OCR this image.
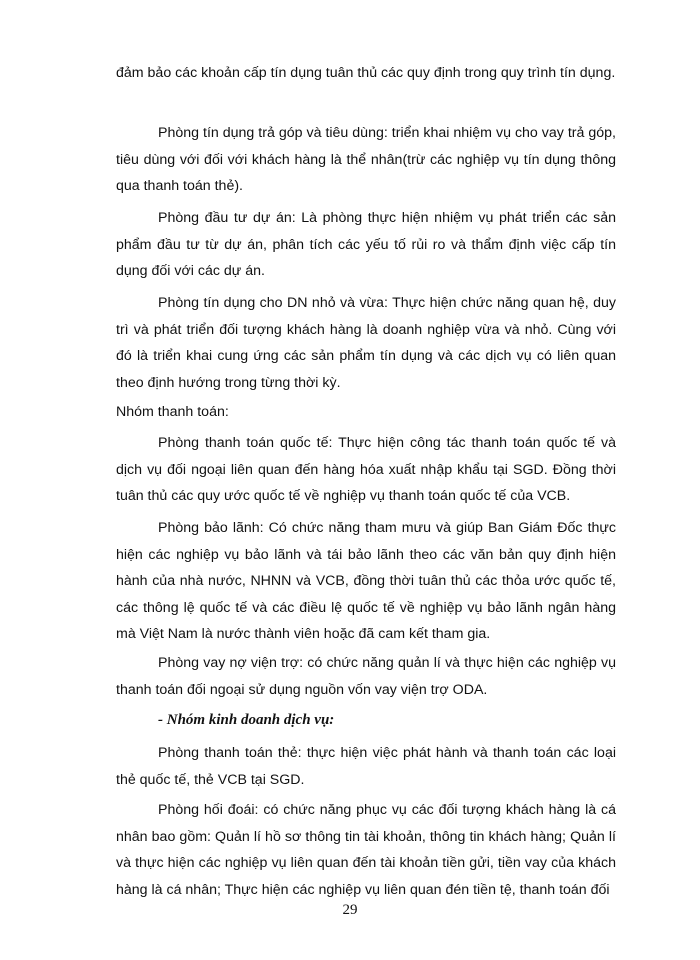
đảm bảo các khoản cấp tín dụng tuân thủ các quy định trong quy trình tín dụng.

Phòng tín dụng trả góp và tiêu dùng: triển khai nhiệm vụ cho vay trả góp, tiêu dùng với đối với khách hàng là thể nhân(trừ các nghiệp vụ tín dụng thông qua thanh toán thẻ).

Phòng đầu tư dự án: Là phòng thực hiện nhiệm vụ phát triển các sản phẩm đầu tư từ dự án, phân tích các yếu tố rủi ro và thẩm định việc cấp tín dụng đối với các dự án.

Phòng tín dụng cho DN nhỏ và vừa: Thực hiện chức năng quan hệ, duy trì và phát triển đối tượng khách hàng là doanh nghiệp vừa và nhỏ. Cùng với đó là triển khai cung ứng các sản phẩm tín dụng và các dịch vụ có liên quan theo định hướng trong từng thời kỳ.

Nhóm thanh toán:

Phòng thanh toán quốc tế: Thực hiện công tác thanh toán quốc tế và dịch vụ đối ngoại liên quan đến hàng hóa xuất nhập khẩu tại SGD. Đồng thời tuân thủ các quy ước quốc tế về nghiệp vụ thanh toán quốc tế của VCB.

Phòng bảo lãnh: Có chức năng tham mưu và giúp Ban Giám Đốc thực hiện các nghiệp vụ bảo lãnh và tái bảo lãnh theo các văn bản quy định hiện hành của nhà nước, NHNN và VCB, đồng thời tuân thủ các thỏa ước quốc tế, các thông lệ quốc tế và các điều lệ quốc tế về nghiệp vụ bảo lãnh ngân hàng mà Việt Nam là nước thành viên hoặc đã cam kết tham gia.

Phòng vay nợ viện trợ: có chức năng quản lí và thực hiện các nghiệp vụ thanh toán đối ngoại sử dụng nguồn vốn vay viện trợ ODA.

- Nhóm kinh doanh dịch vụ:

Phòng thanh toán thẻ: thực hiện việc phát hành và thanh toán các loại thẻ quốc tế, thẻ VCB tại SGD.

Phòng hối đoái: có chức năng phục vụ các đối tượng khách hàng là cá nhân bao gồm: Quản lí hồ sơ thông tin tài khoản, thông tin khách hàng; Quản lí và thực hiện các nghiệp vụ liên quan đến tài khoản tiền gửi, tiền vay của khách hàng là cá nhân; Thực hiện các nghiệp vụ liên quan đén tiền tệ, thanh toán đối

29
